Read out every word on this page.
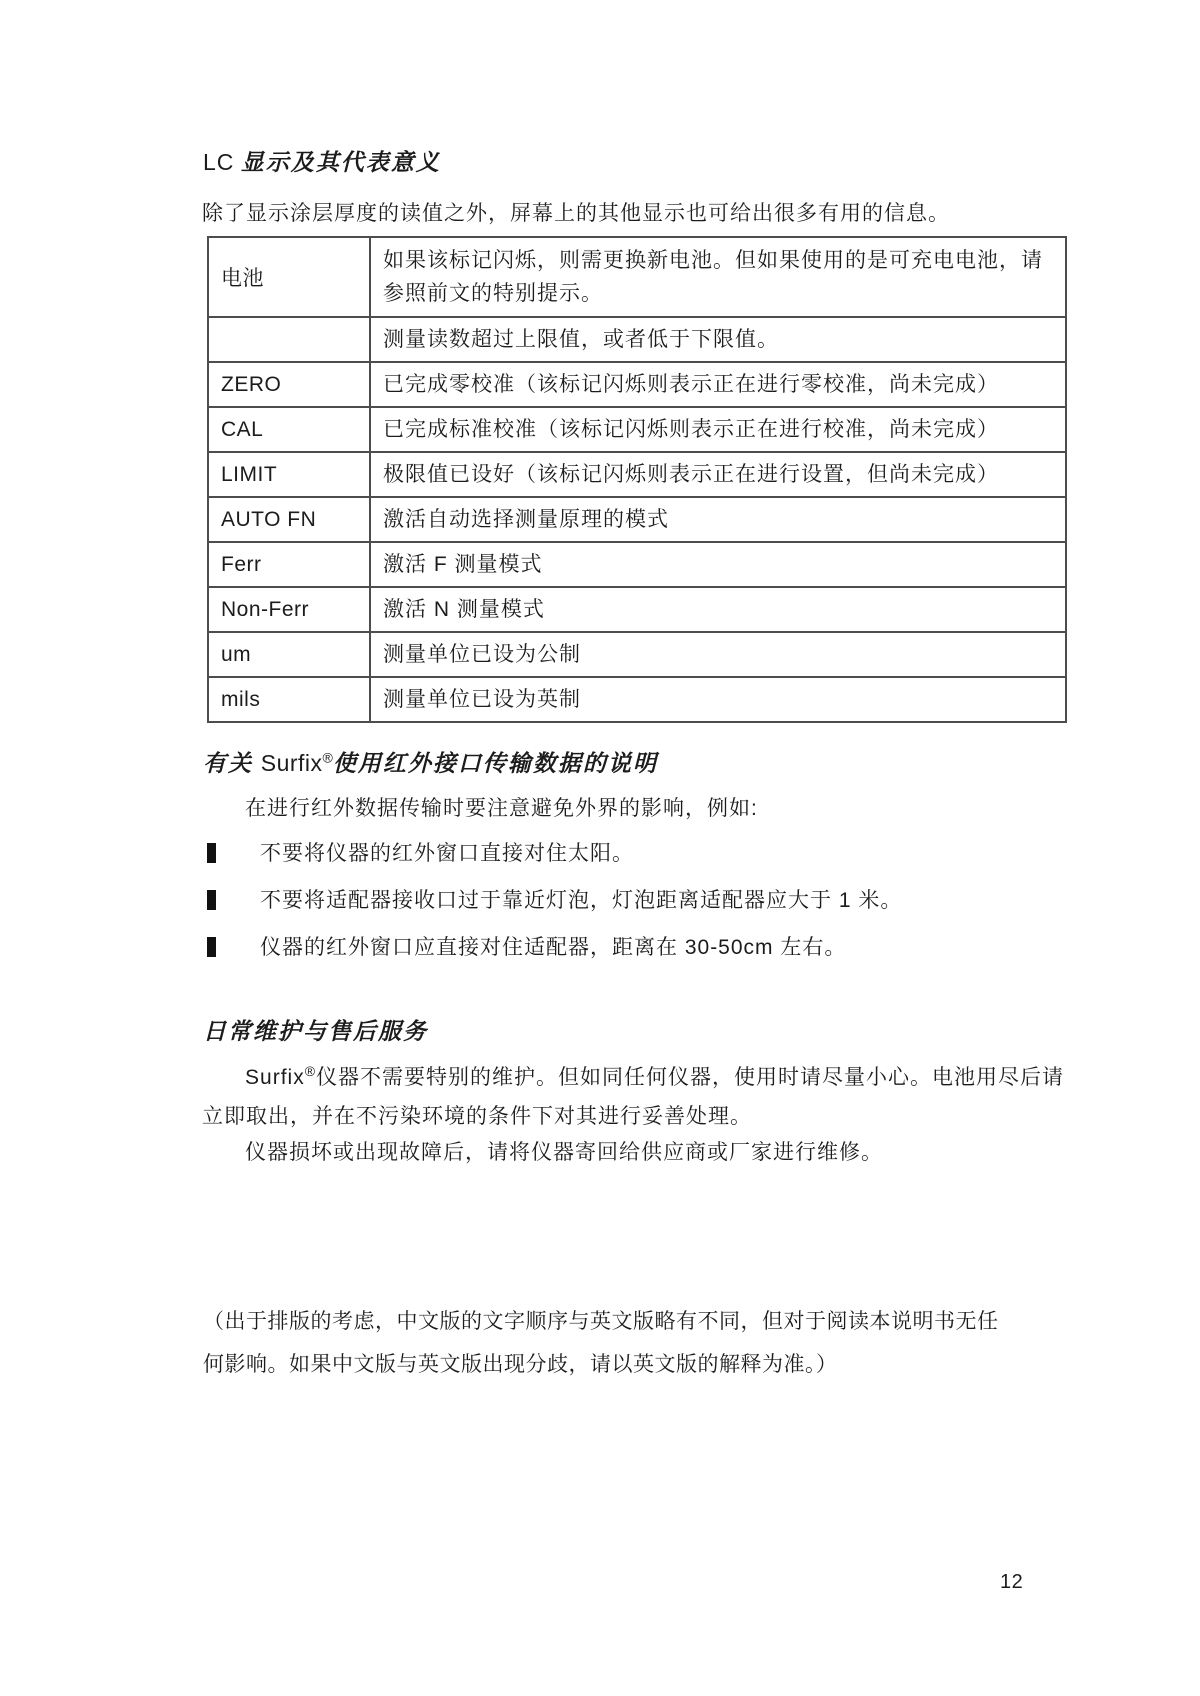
LC 显示及其代表意义

除了显示涂层厚度的读值之外，屏幕上的其他显示也可给出很多有用的信息。

电池	如果该标记闪烁，则需更换新电池。但如果使用的是可充电电池，请参照前文的特别提示。
	测量读数超过上限值，或者低于下限值。
ZERO	已完成零校准（该标记闪烁则表示正在进行零校准，尚未完成）
CAL	已完成标准校准（该标记闪烁则表示正在进行校准，尚未完成）
LIMIT	极限值已设好（该标记闪烁则表示正在进行设置，但尚未完成）
AUTO FN	激活自动选择测量原理的模式
Ferr	激活 F 测量模式
Non-Ferr	激活 N 测量模式
um	测量单位已设为公制
mils	测量单位已设为英制
有关 Surfix®使用红外接口传输数据的说明

在进行红外数据传输时要注意避免外界的影响，例如:

不要将仪器的红外窗口直接对住太阳。
不要将适配器接收口过于靠近灯泡，灯泡距离适配器应大于 1 米。
仪器的红外窗口应直接对住适配器，距离在 30-50cm 左右。
日常维护与售后服务

Surfix®仪器不需要特别的维护。但如同任何仪器，使用时请尽量小心。电池用尽后请立即取出，并在不污染环境的条件下对其进行妥善处理。

仪器损坏或出现故障后，请将仪器寄回给供应商或厂家进行维修。

（出于排版的考虑，中文版的文字顺序与英文版略有不同，但对于阅读本说明书无任何影响。如果中文版与英文版出现分歧，请以英文版的解释为准。）

12
